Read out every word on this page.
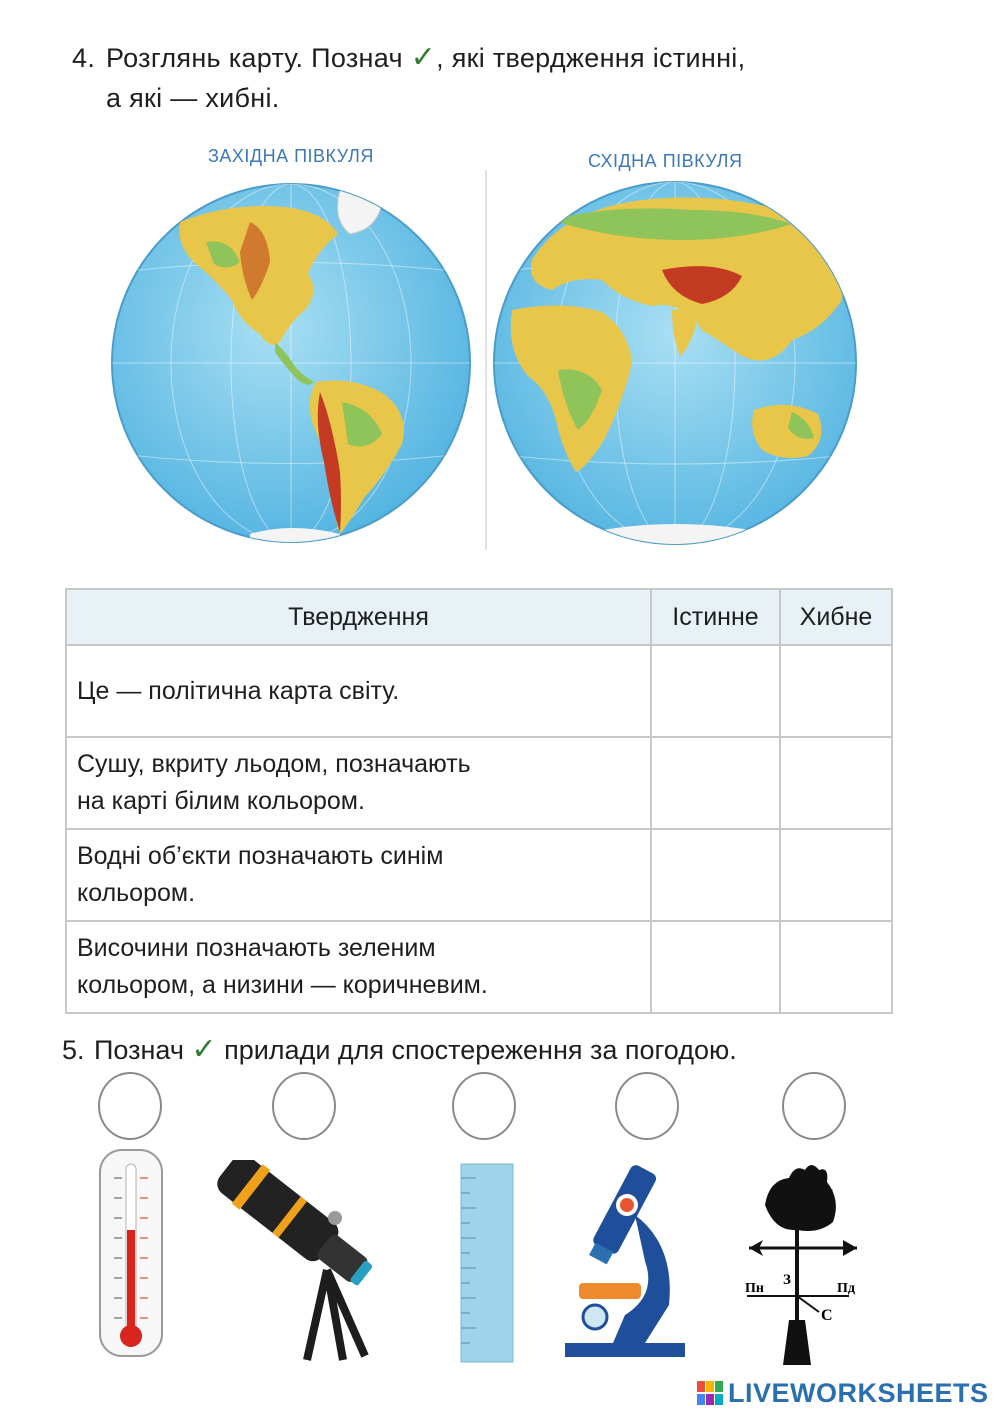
4. Розглянь карту. Познач ✓, які твердження істинні,
а які — хибні.
ЗАХІДНА ПІВКУЛЯ	СХІДНА ПІВКУЛЯ
Твердження	Істинне	Хибне

Це — політична карта світу.		

Сушу, вкриту льодом, позначають
на карті білим кольором.		

Водні об’єкти позначають синім
кольором.		

Височини позначають зеленим
кольором, а низини — коричневим.		

5. Познач ✓ прилади для спостереження за погодою.
З
Пн	Пд
С
LIVEWORKSHEETS
